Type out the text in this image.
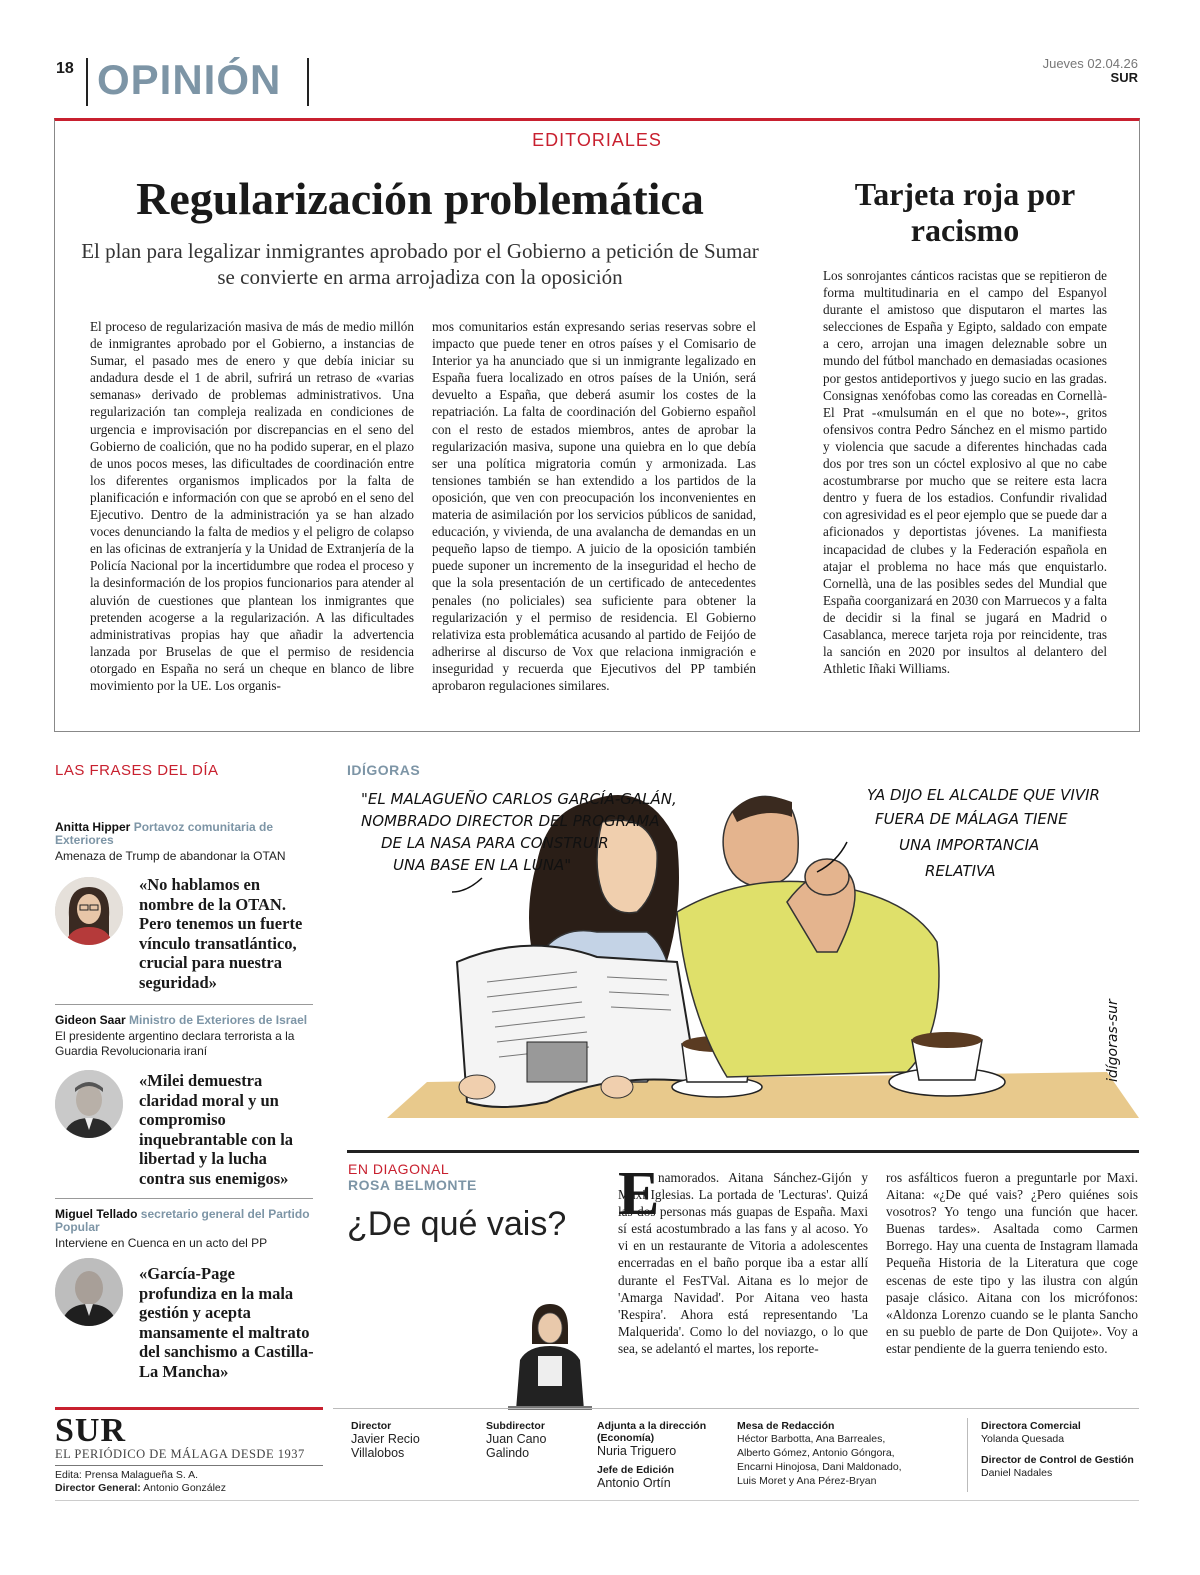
18 OPINIÓN	Jueves 02.04.26
SUR
EDITORIALES
Regularización problemática
El plan para legalizar inmigrantes aprobado por el Gobierno a petición de Sumar se convierte en arma arrojadiza con la oposición
El proceso de regularización masiva de más de medio millón de inmigrantes aprobado por el Gobierno, a instancias de Sumar, el pasado mes de enero y que debía iniciar su andadura desde el 1 de abril, sufrirá un retraso de «varias semanas» derivado de problemas administrativos. Una regularización tan compleja realizada en condiciones de urgencia e improvisación por discrepancias en el seno del Gobierno de coalición, que no ha podido superar, en el plazo de unos pocos meses, las dificultades de coordinación entre los diferentes organismos implicados por la falta de planificación e información con que se aprobó en el seno del Ejecutivo. Dentro de la administración ya se han alzado voces denunciando la falta de medios y el peligro de colapso en las oficinas de extranjería y la Unidad de Extranjería de la Policía Nacional por la incertidumbre que rodea el proceso y la desinformación de los propios funcionarios para atender al aluvión de cuestiones que plantean los inmigrantes que pretenden acogerse a la regularización. A las dificultades administrativas propias hay que añadir la advertencia lanzada por Bruselas de que el permiso de residencia otorgado en España no será un cheque en blanco de libre movimiento por la UE. Los organis-
mos comunitarios están expresando serias reservas sobre el impacto que puede tener en otros países y el Comisario de Interior ya ha anunciado que si un inmigrante legalizado en España fuera localizado en otros países de la Unión, será devuelto a España, que deberá asumir los costes de la repatriación. La falta de coordinación del Gobierno español con el resto de estados miembros, antes de aprobar la regularización masiva, supone una quiebra en lo que debía ser una política migratoria común y armonizada. Las tensiones también se han extendido a los partidos de la oposición, que ven con preocupación los inconvenientes en materia de asimilación por los servicios públicos de sanidad, educación, y vivienda, de una avalancha de demandas en un pequeño lapso de tiempo. A juicio de la oposición también puede suponer un incremento de la inseguridad el hecho de que la sola presentación de un certificado de antecedentes penales (no policiales) sea suficiente para obtener la regularización y el permiso de residencia. El Gobierno relativiza esta problemática acusando al partido de Feijóo de adherirse al discurso de Vox que relaciona inmigración e inseguridad y recuerda que Ejecutivos del PP también aprobaron regulaciones similares.
Tarjeta roja por racismo
Los sonrojantes cánticos racistas que se repitieron de forma multitudinaria en el campo del Espanyol durante el amistoso que disputaron el martes las selecciones de España y Egipto, saldado con empate a cero, arrojan una imagen deleznable sobre un mundo del fútbol manchado en demasiadas ocasiones por gestos antideportivos y juego sucio en las gradas. Consignas xenófobas como las coreadas en Cornellà-El Prat -«mulsumán en el que no bote»-, gritos ofensivos contra Pedro Sánchez en el mismo partido y violencia que sacude a diferentes hinchadas cada dos por tres son un cóctel explosivo al que no cabe acostumbrarse por mucho que se reitere esta lacra dentro y fuera de los estadios. Confundir rivalidad con agresividad es el peor ejemplo que se puede dar a aficionados y deportistas jóvenes. La manifiesta incapacidad de clubes y la Federación española en atajar el problema no hace más que enquistarlo. Cornellà, una de las posibles sedes del Mundial que España coorganizará en 2030 con Marruecos y a falta de decidir si la final se jugará en Madrid o Casablanca, merece tarjeta roja por reincidente, tras la sanción en 2020 por insultos al delantero del Athletic Iñaki Williams.
LAS FRASES DEL DÍA
Anitta Hipper Portavoz comunitaria de Exteriores
Amenaza de Trump de abandonar la OTAN
«No hablamos en nombre de la OTAN. Pero tenemos un fuerte vínculo transatlántico, crucial para nuestra seguridad»
Gideon Saar Ministro de Exteriores de Israel
El presidente argentino declara terrorista a la Guardia Revolucionaria iraní
«Milei demuestra claridad moral y un compromiso inquebrantable con la libertad y la lucha contra sus enemigos»
Miguel Tellado secretario general del Partido Popular
Interviene en Cuenca en un acto del PP
«García-Page profundiza en la mala gestión y acepta mansamente el maltrato del sanchismo a Castilla-La Mancha»
IDÍGORAS
"EL MALAGUEÑO CARLOS GARCÍA-GALÁN,
NOMBRADO DIRECTOR DEL PROGRAMA
DE LA NASA PARA CONSTRUIR
UNA BASE EN LA LUNA"
YA DIJO EL ALCALDE QUE VIVIR
FUERA DE MÁLAGA TIENE
UNA IMPORTANCIA
RELATIVA
idígoras-sur
EN DIAGONAL
ROSA BELMONTE
¿De qué vais? E
namorados. Aitana Sánchez-Gijón y Maxi Iglesias. La portada de 'Lecturas'. Quizá las dos personas más guapas de España. Maxi sí está acostumbrado a las fans y al acoso. Yo vi en un restaurante de Vitoria a adolescentes encerradas en el baño porque iba a estar allí durante el FesTVal. Aitana es lo mejor de 'Amarga Navidad'. Por Aitana veo hasta 'Respira'. Ahora está representando 'La Malquerida'. Como lo del noviazgo, o lo que sea, se adelantó el martes, los reporte-
ros asfálticos fueron a preguntarle por Maxi. Aitana: «¿De qué vais? ¿Pero quiénes sois vosotros? Yo tengo una función que hacer. Buenas tardes». Asaltada como Carmen Borrego. Hay una cuenta de Instagram llamada Pequeña Historia de la Literatura que coge escenas de este tipo y las ilustra con algún pasaje clásico. Aitana con los micrófonos: «Aldonza Lorenzo cuando se le planta Sancho en su pueblo de parte de Don Quijote». Voy a estar pendiente de la guerra teniendo esto.
SUR
EL PERIÓDICO DE MÁLAGA DESDE 1937
Edita: Prensa Malagueña S. A.
Director General: Antonio González
Director
Javier Recio
Villalobos
Subdirector
Juan Cano
Galindo
Adjunta a la dirección
(Economía)
Nuria Triguero
Jefe de Edición
Antonio Ortín
Mesa de Redacción
Héctor Barbotta, Ana Barreales,
Alberto Gómez, Antonio Góngora,
Encarni Hinojosa, Dani Maldonado,
Luis Moret y Ana Pérez-Bryan
Directora Comercial
Yolanda Quesada
Director de Control de Gestión
Daniel Nadales
